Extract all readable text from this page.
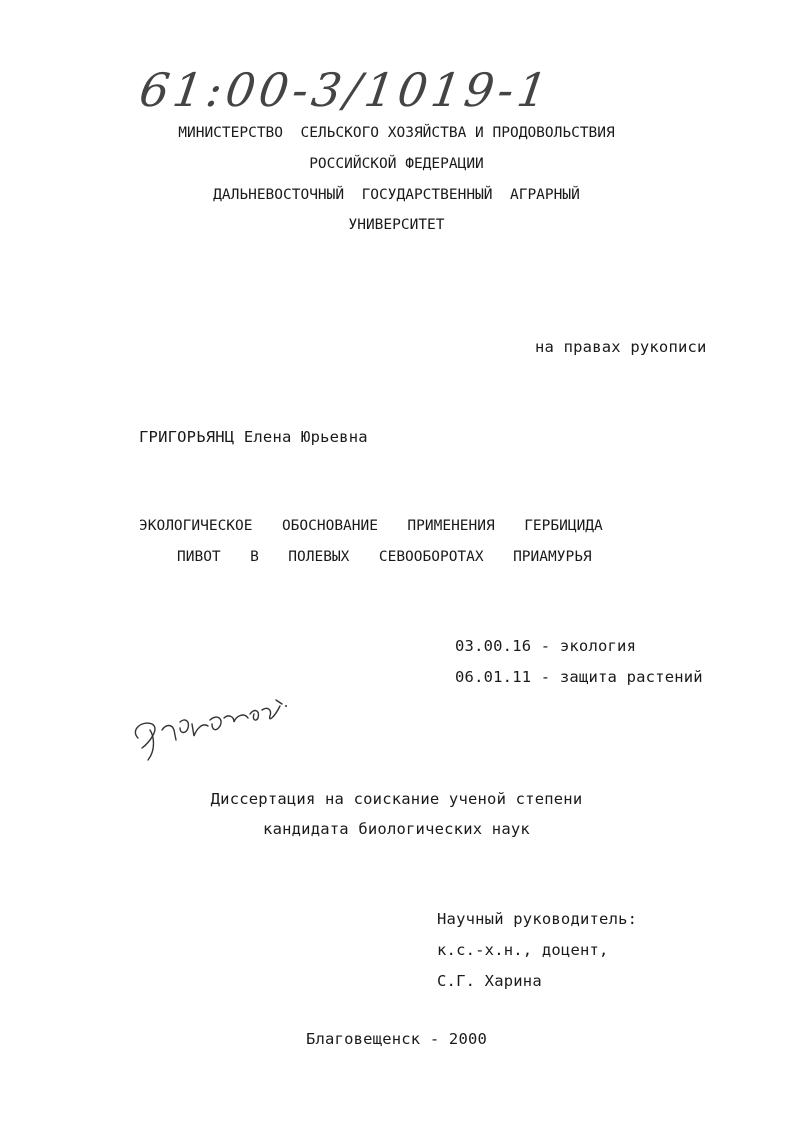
61:00-3/1019-1
МИНИСТЕРСТВО  СЕЛЬСКОГО ХОЗЯЙСТВА И ПРОДОВОЛЬСТВИЯ
РОССИЙСКОЙ ФЕДЕРАЦИИ
ДАЛЬНЕВОСТОЧНЫЙ  ГОСУДАРСТВЕННЫЙ  АГРАРНЫЙ
УНИВЕРСИТЕТ
на правах рукописи
ГРИГОРЬЯНЦ Елена Юрьевна
ЭКОЛОГИЧЕСКОЕ  ОБОСНОВАНИЕ  ПРИМЕНЕНИЯ  ГЕРБИЦИДА
ПИВОТ  В  ПОЛЕВЫХ  СЕВООБОРОТАХ  ПРИАМУРЬЯ
03.00.16 - экология
06.01.11 - защита растений
Диссертация на соискание ученой степени
кандидата биологических наук
Научный руководитель:
к.с.-х.н., доцент,
С.Г. Харина
Благовещенск - 2000
